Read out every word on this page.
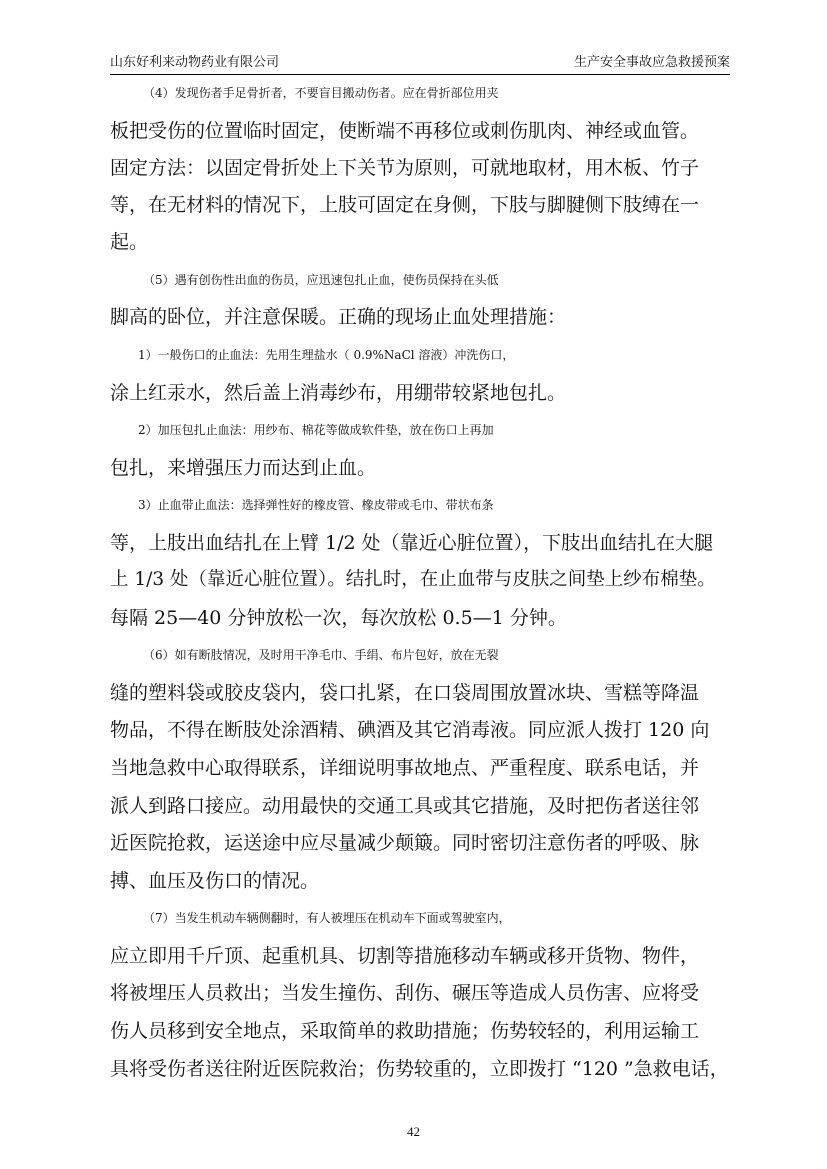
山东好利来动物药业有限公司	生产安全事故应急救援预案
（4）发现伤者手足骨折者，不要盲目搬动伤者。应在骨折部位用夹
板把受伤的位置临时固定，使断端不再移位或刺伤肌肉、神经或血管。
固定方法：以固定骨折处上下关节为原则，可就地取材，用木板、竹子
等，在无材料的情况下，上肢可固定在身侧，下肢与脚腱侧下肢缚在一
起。
（5）遇有创伤性出血的伤员，应迅速包扎止血，使伤员保持在头低
脚高的卧位，并注意保暖。正确的现场止血处理措施：
1）一般伤口的止血法：先用生理盐水（ 0.9%NaCl 溶液）冲洗伤口，
涂上红汞水，然后盖上消毒纱布，用绷带较紧地包扎。
2）加压包扎止血法：用纱布、棉花等做成软件垫，放在伤口上再加
包扎，来增强压力而达到止血。
3）止血带止血法：选择弹性好的橡皮管、橡皮带或毛巾、带状布条
等，上肢出血结扎在上臂 1/2 处（靠近心脏位置），下肢出血结扎在大腿
上 1/3 处（靠近心脏位置）。结扎时，在止血带与皮肤之间垫上纱布棉垫。
每隔 25—40 分钟放松一次，每次放松 0.5—1 分钟。
（6）如有断肢情况，及时用干净毛巾、手绢、布片包好，放在无裂
缝的塑料袋或胶皮袋内，袋口扎紧，在口袋周围放置冰块、雪糕等降温
物品，不得在断肢处涂酒精、碘酒及其它消毒液。同应派人拨打 120 向
当地急救中心取得联系，详细说明事故地点、严重程度、联系电话，并
派人到路口接应。动用最快的交通工具或其它措施，及时把伤者送往邻
近医院抢救，运送途中应尽量减少颠簸。同时密切注意伤者的呼吸、脉
搏、血压及伤口的情况。
（7）当发生机动车辆侧翻时，有人被埋压在机动车下面或驾驶室内，
应立即用千斤顶、起重机具、切割等措施移动车辆或移开货物、物件，
将被埋压人员救出；当发生撞伤、刮伤、碾压等造成人员伤害、应将受
伤人员移到安全地点，采取简单的救助措施；伤势较轻的，利用运输工
具将受伤者送往附近医院救治；伤势较重的，立即拨打 “120 ”急救电话，
42
